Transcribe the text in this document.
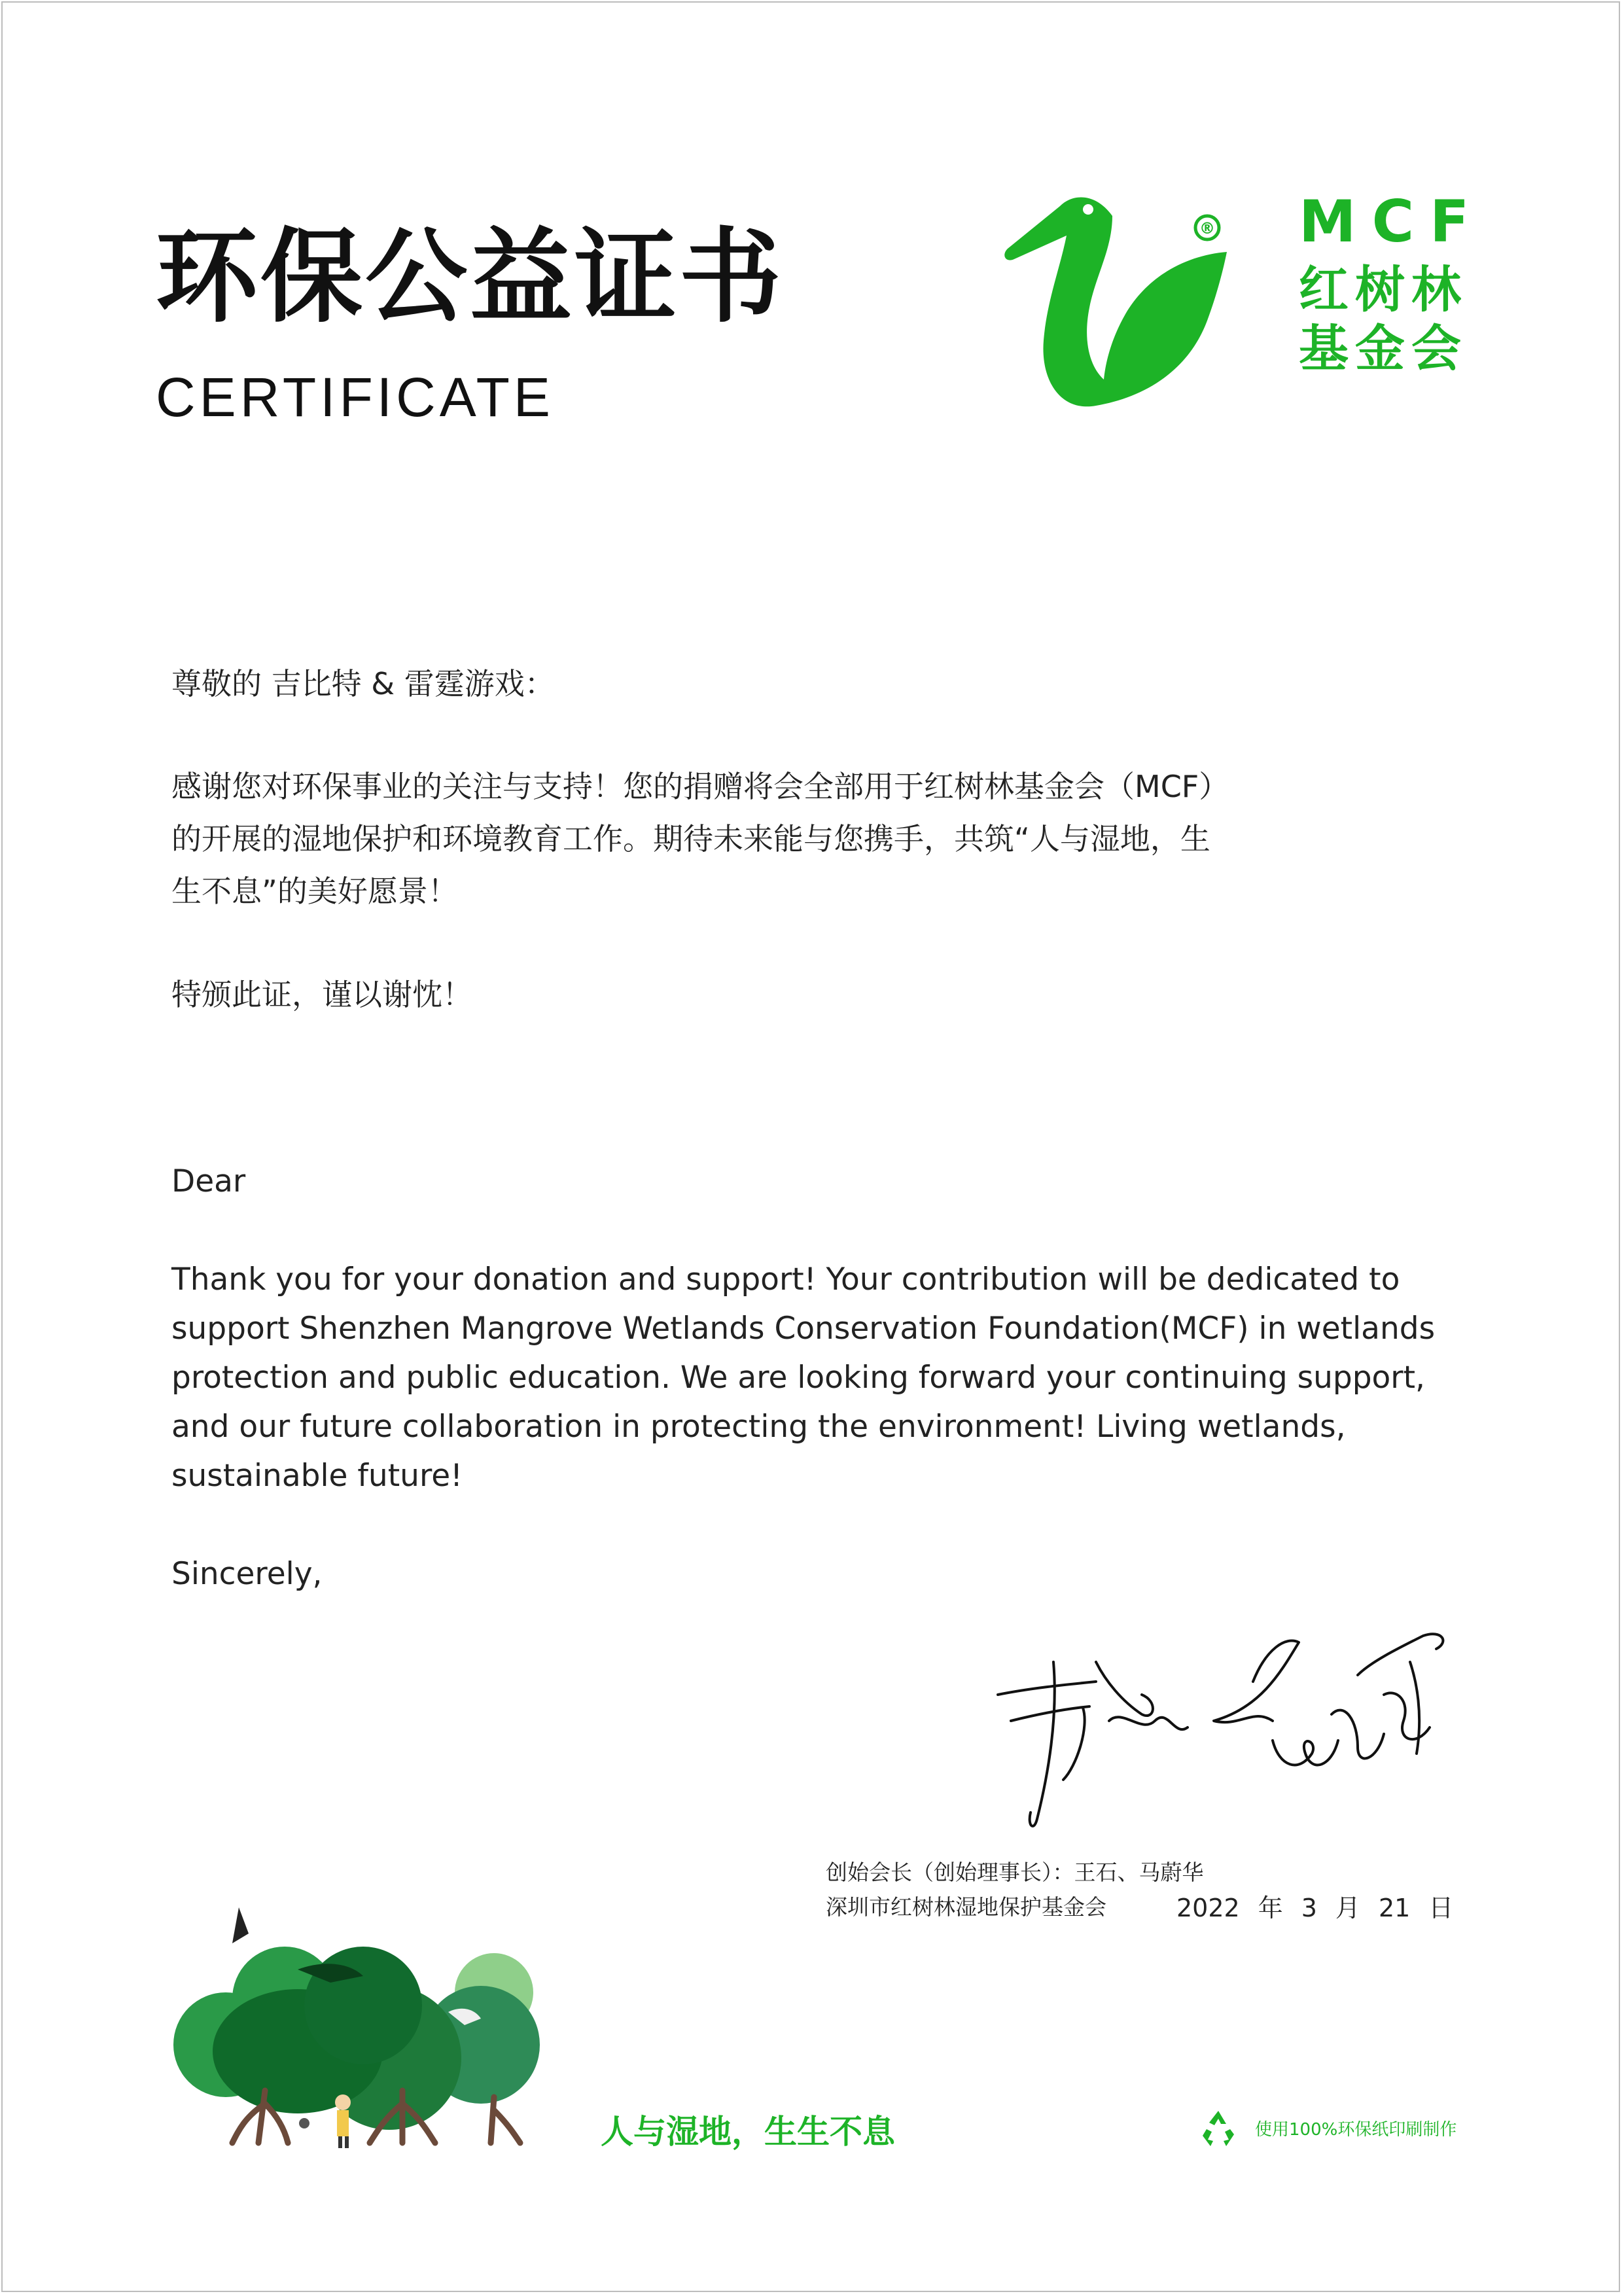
环保公益证书
CERTIFICATE
® MCF
红树林
基金会
尊敬的 吉比特 & 雷霆游戏：
感谢您对环保事业的关注与支持！您的捐赠将会全部用于红树林基金会（MCF）
的开展的湿地保护和环境教育工作。期待未来能与您携手，共筑“人与湿地，生
生不息”的美好愿景！
特颁此证，谨以谢忱！
Dear
Thank you for your donation and support! Your contribution will be dedicated to
support Shenzhen Mangrove Wetlands Conservation Foundation(MCF) in wetlands
protection and public education. We are looking forward your continuing support,
and our future collaboration in protecting the environment! Living wetlands,
sustainable future!
Sincerely,
创始会长（创始理事长）：王石、马蔚华
深圳市红树林湿地保护基金会	2022 年 3 月 21 日
人与湿地，生生不息	使用100%环保纸印刷制作
